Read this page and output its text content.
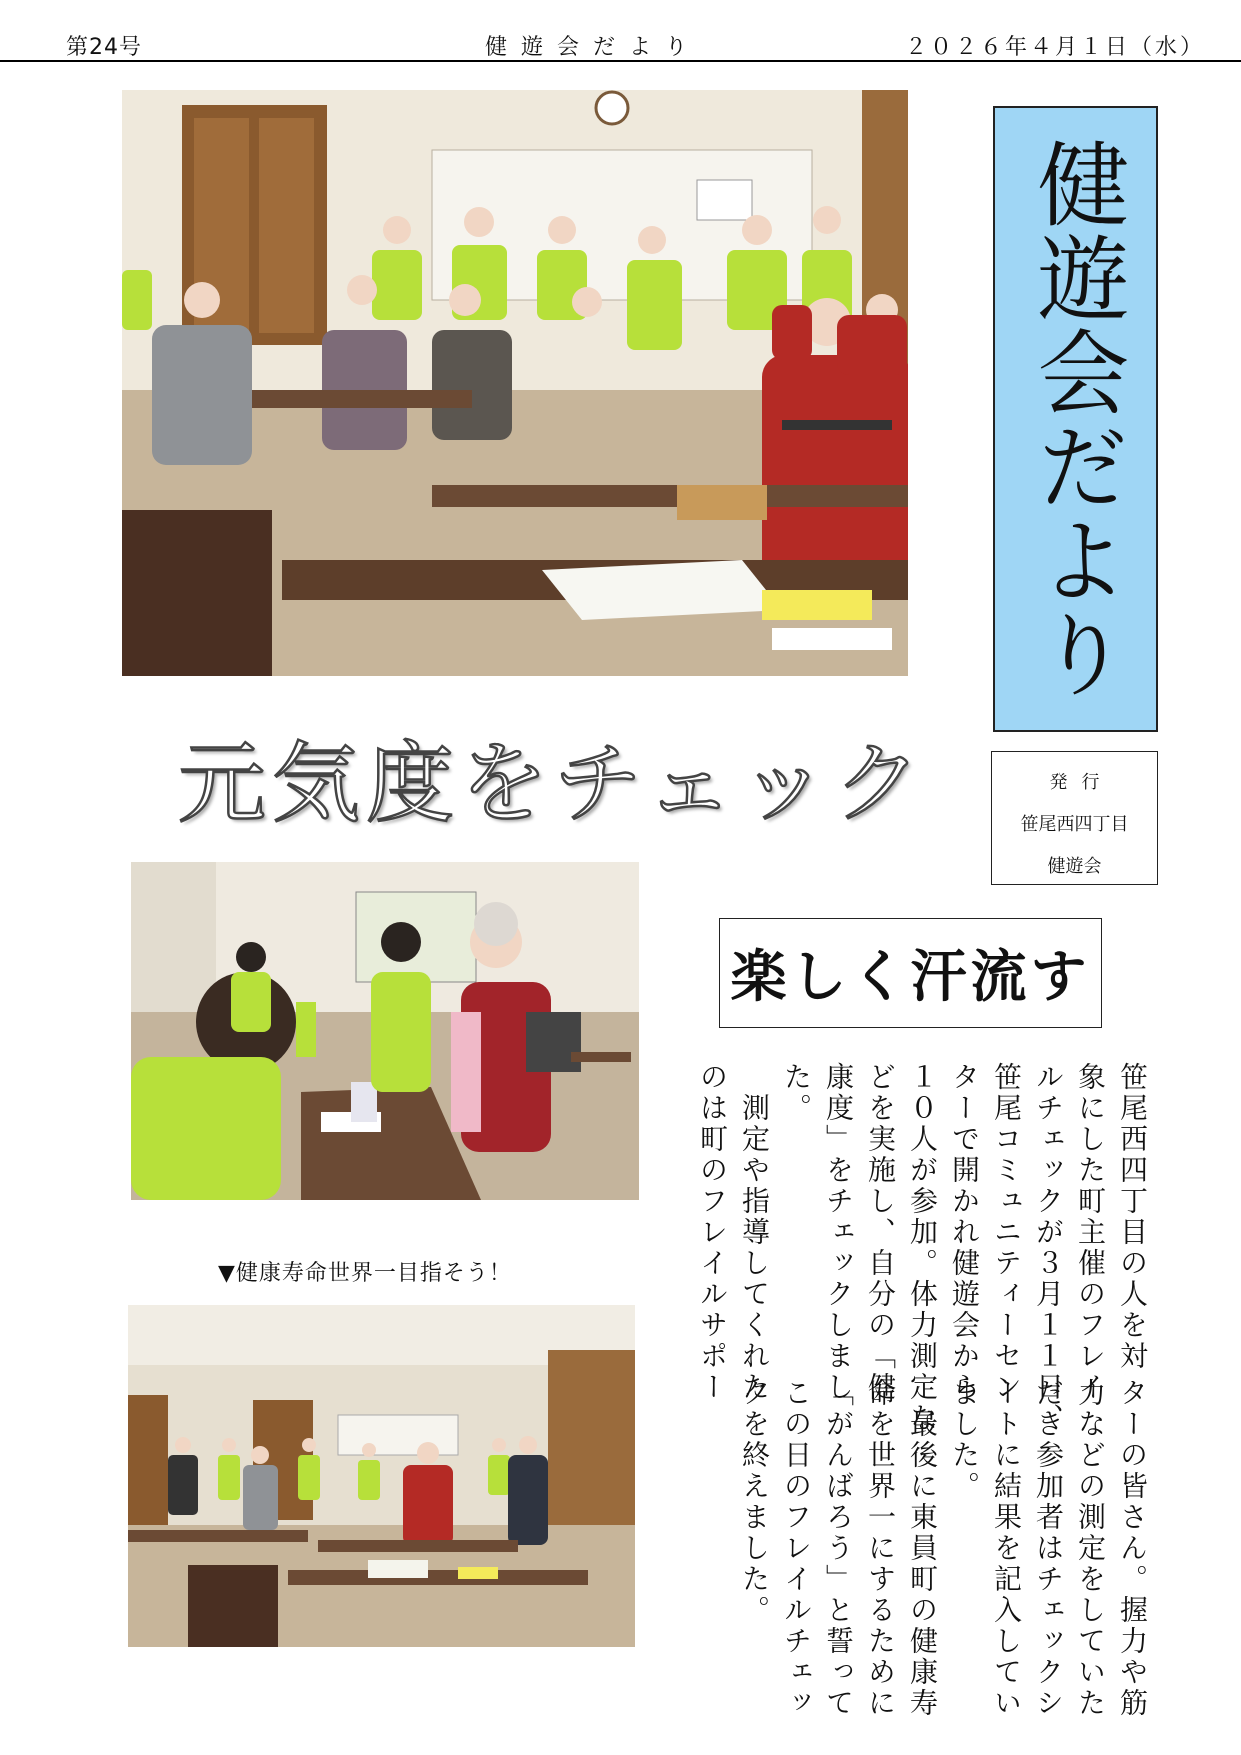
第24号	健遊会だより	２０２６年４月１日（水）
健遊会だより
発行
笹尾西四丁目
健遊会
元気度をチェック
▼健康寿命世界一目指そう！
楽しく汗流す

笹尾西四丁目の人を対

象にした町主催のフレイ

ルチェックが３月１１日、

笹尾コミュニティーセン

ターで開かれ健遊会から

１０人が参加。体力測定な

どを実施し、自分の「健

康度」をチェックしまし

た。

　測定や指導してくれた

のは町のフレイルサポー

ターの皆さん。握力や筋

力などの測定をしていた

だき参加者はチェックシ

ートに結果を記入してい

ました。

　最後に東員町の健康寿

命を世界一にするために

「がんばろう」と誓って

この日のフレイルチェッ

クを終えました。
